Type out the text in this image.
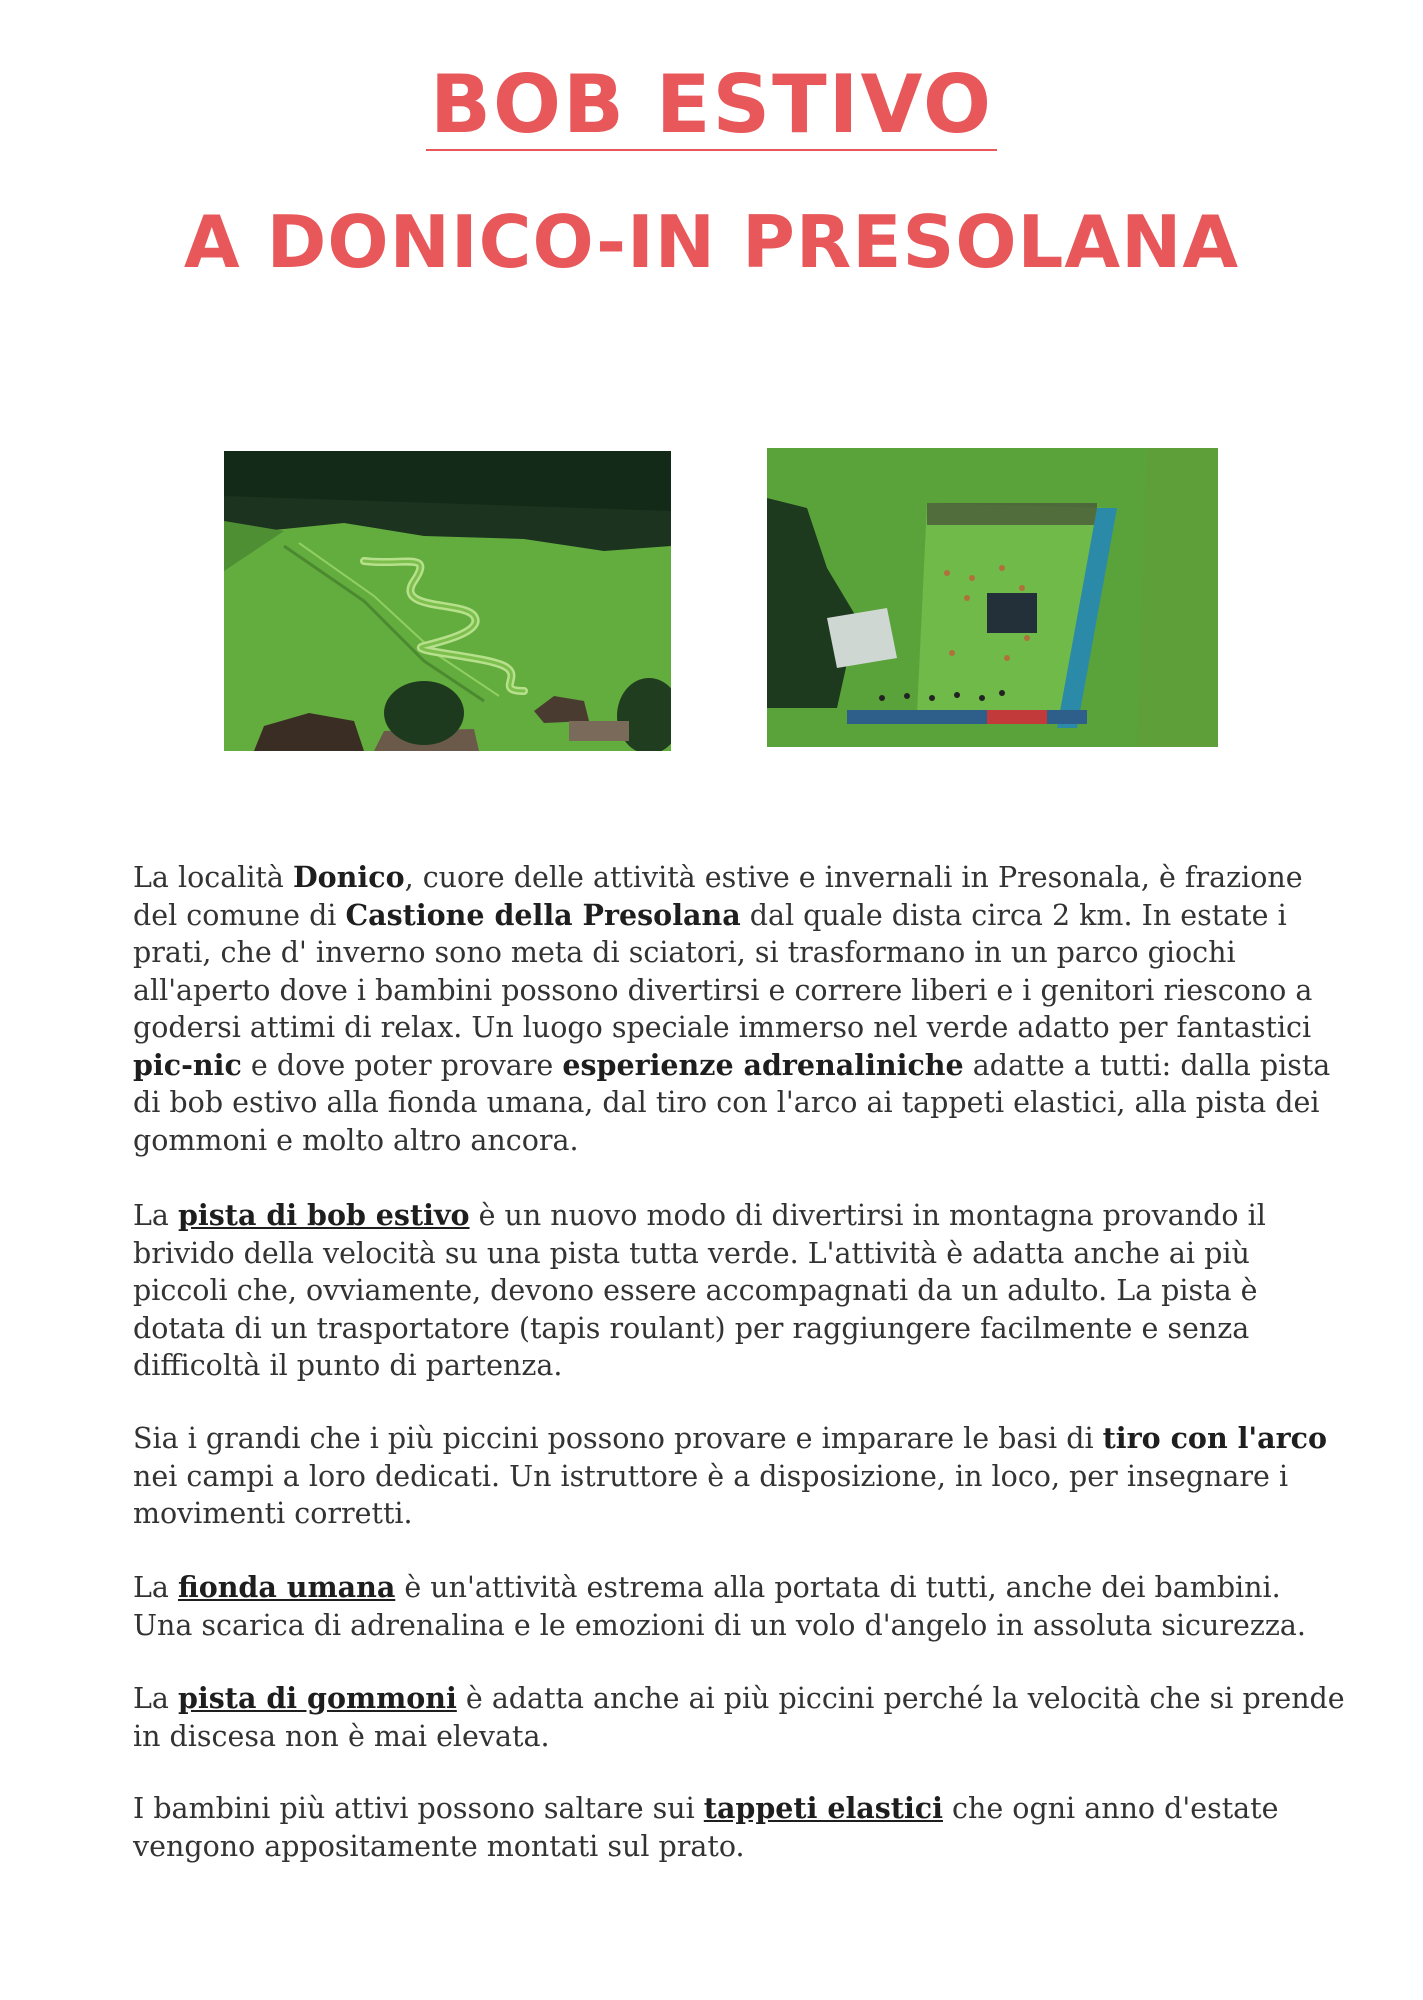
BOB ESTIVO
A DONICO-IN PRESOLANA

La località Donico, cuore delle attività estive e invernali in Presonala, è frazione del comune di Castione della Presolana dal quale dista circa 2 km. In estate i prati, che d' inverno sono meta di sciatori, si trasformano in un parco giochi all'aperto dove i bambini possono divertirsi e correre liberi e i genitori riescono a godersi attimi di relax. Un luogo speciale immerso nel verde adatto per fantastici pic-nic e dove poter provare esperienze adrenaliniche adatte a tutti: dalla pista di bob estivo alla fionda umana, dal tiro con l'arco ai tappeti elastici, alla pista dei gommoni e molto altro ancora.

La pista di bob estivo è un nuovo modo di divertirsi in montagna provando il brivido della velocità su una pista tutta verde. L'attività è adatta anche ai più piccoli che, ovviamente, devono essere accompagnati da un adulto. La pista è dotata di un trasportatore (tapis roulant) per raggiungere facilmente e senza difficoltà il punto di partenza.

Sia i grandi che i più piccini possono provare e imparare le basi di tiro con l'arco nei campi a loro dedicati. Un istruttore è a disposizione, in loco, per insegnare i movimenti corretti.

La fionda umana è un'attività estrema alla portata di tutti, anche dei bambini. Una scarica di adrenalina e le emozioni di un volo d'angelo in assoluta sicurezza.

La pista di gommoni è adatta anche ai più piccini perché la velocità che si prende in discesa non è mai elevata.

I bambini più attivi possono saltare sui tappeti elastici che ogni anno d'estate vengono appositamente montati sul prato.
